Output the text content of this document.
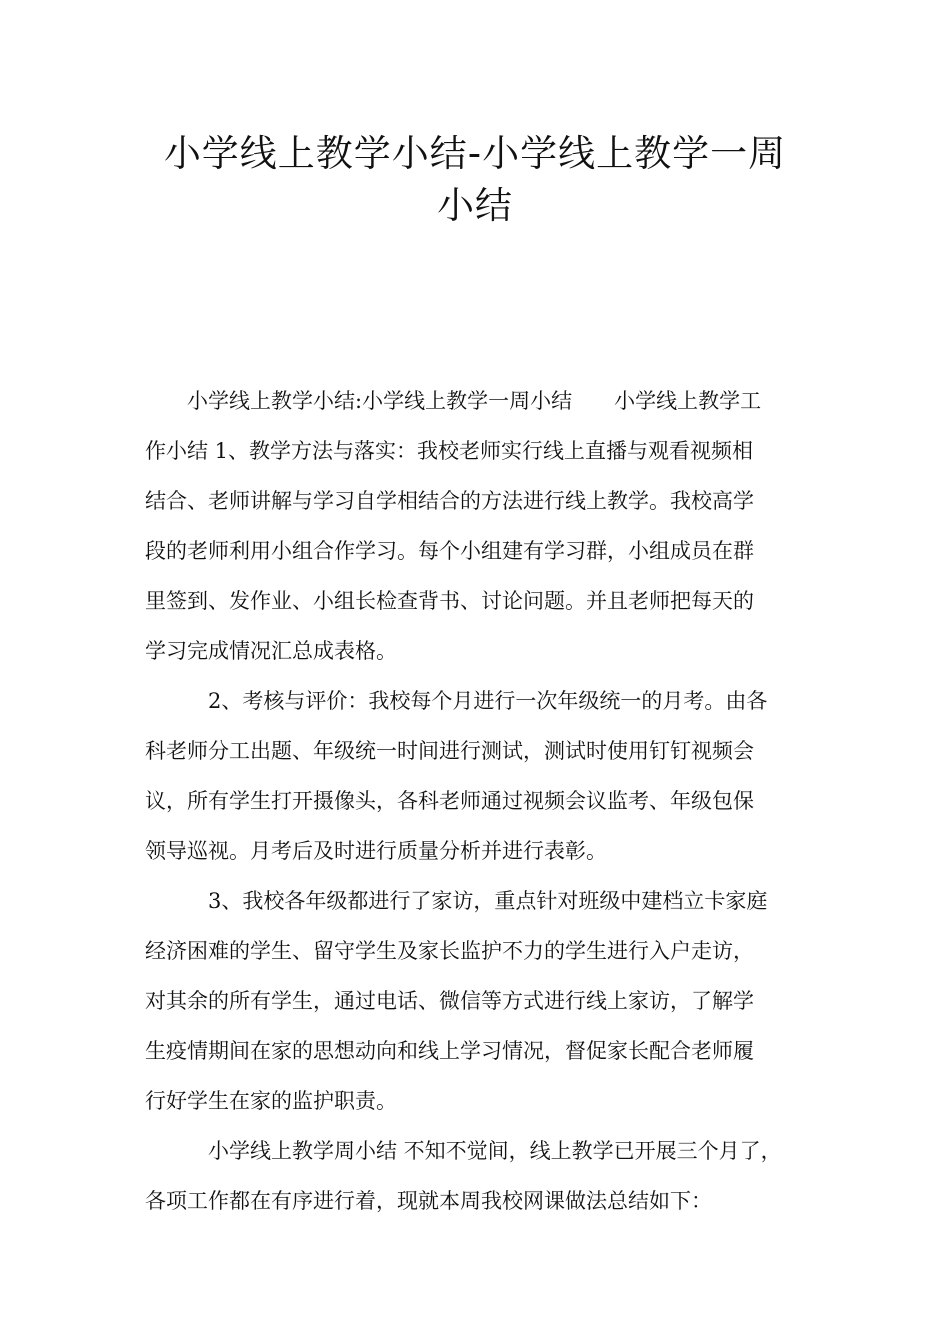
小学线上教学小结-小学线上教学一周
小结
　　小学线上教学小结:小学线上教学一周小结　　小学线上教学工
作小结 1、教学方法与落实：我校老师实行线上直播与观看视频相
结合、老师讲解与学习自学相结合的方法进行线上教学。我校高学
段的老师利用小组合作学习。每个小组建有学习群，小组成员在群
里签到、发作业、小组长检查背书、讨论问题。并且老师把每天的
学习完成情况汇总成表格。
　　　2、考核与评价：我校每个月进行一次年级统一的月考。由各
科老师分工出题、年级统一时间进行测试，测试时使用钉钉视频会
议，所有学生打开摄像头，各科老师通过视频会议监考、年级包保
领导巡视。月考后及时进行质量分析并进行表彰。
　　　3、我校各年级都进行了家访，重点针对班级中建档立卡家庭
经济困难的学生、留守学生及家长监护不力的学生进行入户走访，
对其余的所有学生，通过电话、微信等方式进行线上家访，了解学
生疫情期间在家的思想动向和线上学习情况，督促家长配合老师履
行好学生在家的监护职责。
　　　小学线上教学周小结 不知不觉间，线上教学已开展三个月了，
各项工作都在有序进行着，现就本周我校网课做法总结如下：
